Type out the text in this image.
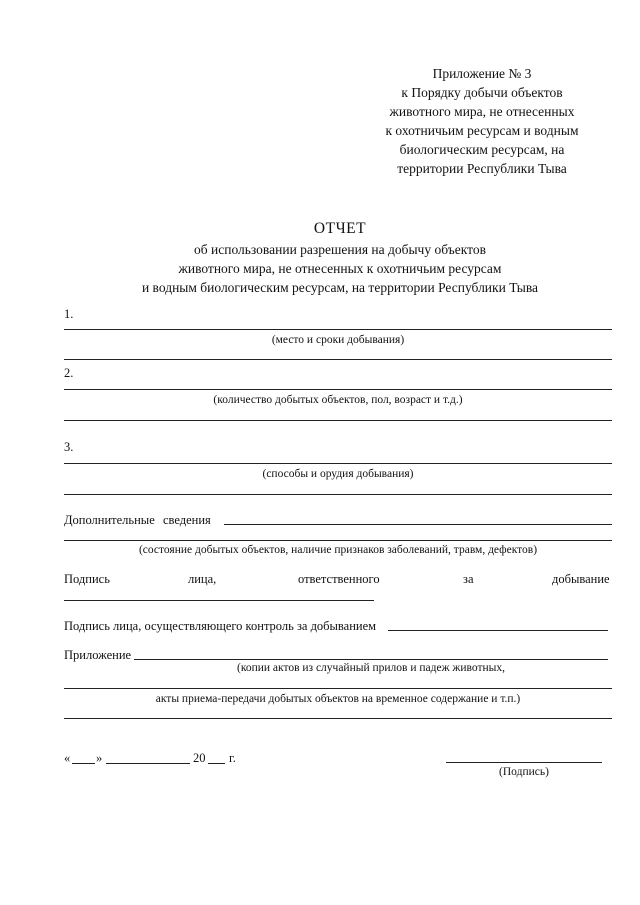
Приложение № 3
к Порядку добычи объектов
животного мира, не отнесенных
к охотничьим ресурсам и водным
биологическим ресурсам, на
территории Республики Тыва
ОТЧЕТ
об использовании разрешения на добычу объектов
животного мира, не отнесенных к охотничьим ресурсам
и водным биологическим ресурсам, на территории Республики Тыва
1.
(место и сроки добывания)
2.
(количество добытых объектов, пол, возраст и т.д.)
3.
(способы и орудия добывания)
Дополнительные сведения
(состояние добытых объектов, наличие признаков заболеваний, травм, дефектов)
Подпись	лица,	ответственного	за	добывание
Подпись лица, осуществляющего контроль за добыванием
Приложение
(копии актов из случайный прилов и падеж животных,
акты приема-передачи добытых объектов на временное содержание и т.п.)
« »	20 г.
(Подпись)
